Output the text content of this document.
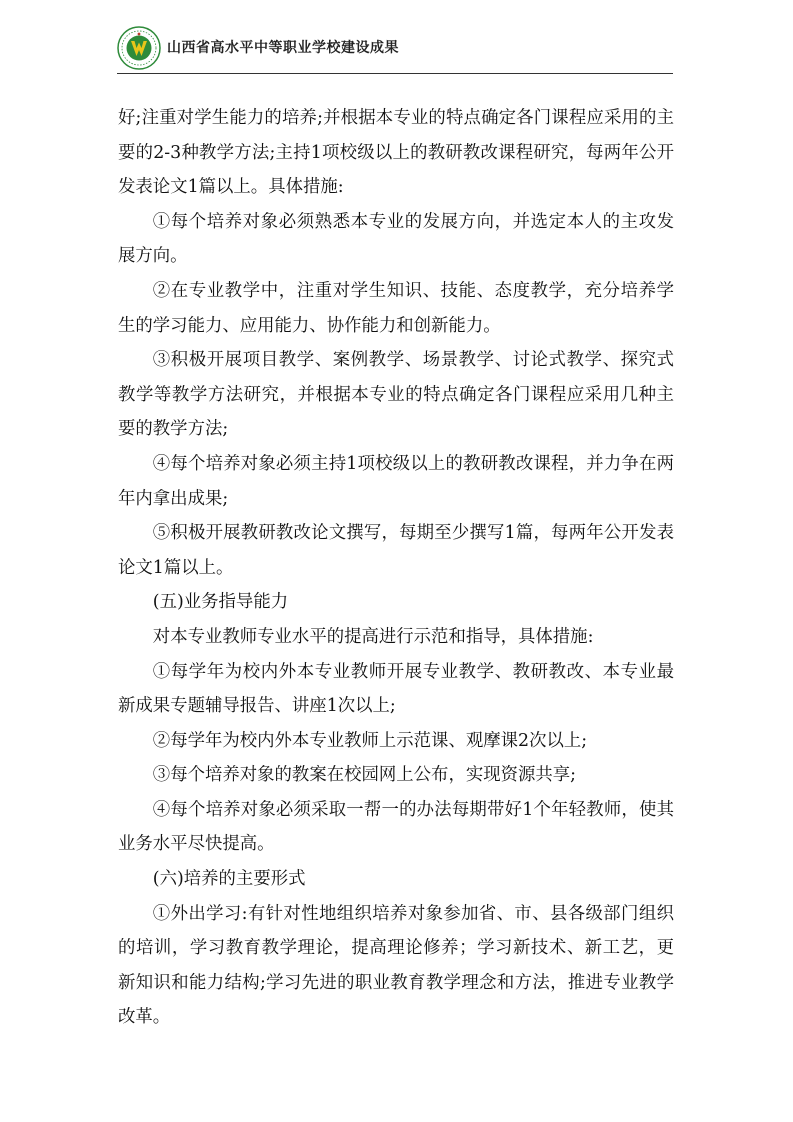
山西省高水平中等职业学校建设成果

好;注重对学生能力的培养;并根据本专业的特点确定各门课程应采用的主要的2-3种教学方法;主持1项校级以上的教研教改课程研究，每两年公开发表论文1篇以上。具体措施:

①每个培养对象必须熟悉本专业的发展方向，并选定本人的主攻发展方向。

②在专业教学中，注重对学生知识、技能、态度教学，充分培养学生的学习能力、应用能力、协作能力和创新能力。

③积极开展项目教学、案例教学、场景教学、讨论式教学、探究式教学等教学方法研究，并根据本专业的特点确定各门课程应采用几种主要的教学方法;

④每个培养对象必须主持1项校级以上的教研教改课程，并力争在两年内拿出成果;

⑤积极开展教研教改论文撰写，每期至少撰写1篇，每两年公开发表论文1篇以上。

(五)业务指导能力

对本专业教师专业水平的提高进行示范和指导，具体措施:

①每学年为校内外本专业教师开展专业教学、教研教改、本专业最新成果专题辅导报告、讲座1次以上;

②每学年为校内外本专业教师上示范课、观摩课2次以上;

③每个培养对象的教案在校园网上公布，实现资源共享;

④每个培养对象必须采取一帮一的办法每期带好1个年轻教师，使其业务水平尽快提高。

(六)培养的主要形式

①外出学习:有针对性地组织培养对象参加省、市、县各级部门组织的培训，学习教育教学理论，提高理论修养；学习新技术、新工艺，更新知识和能力结构;学习先进的职业教育教学理念和方法，推进专业教学改革。
